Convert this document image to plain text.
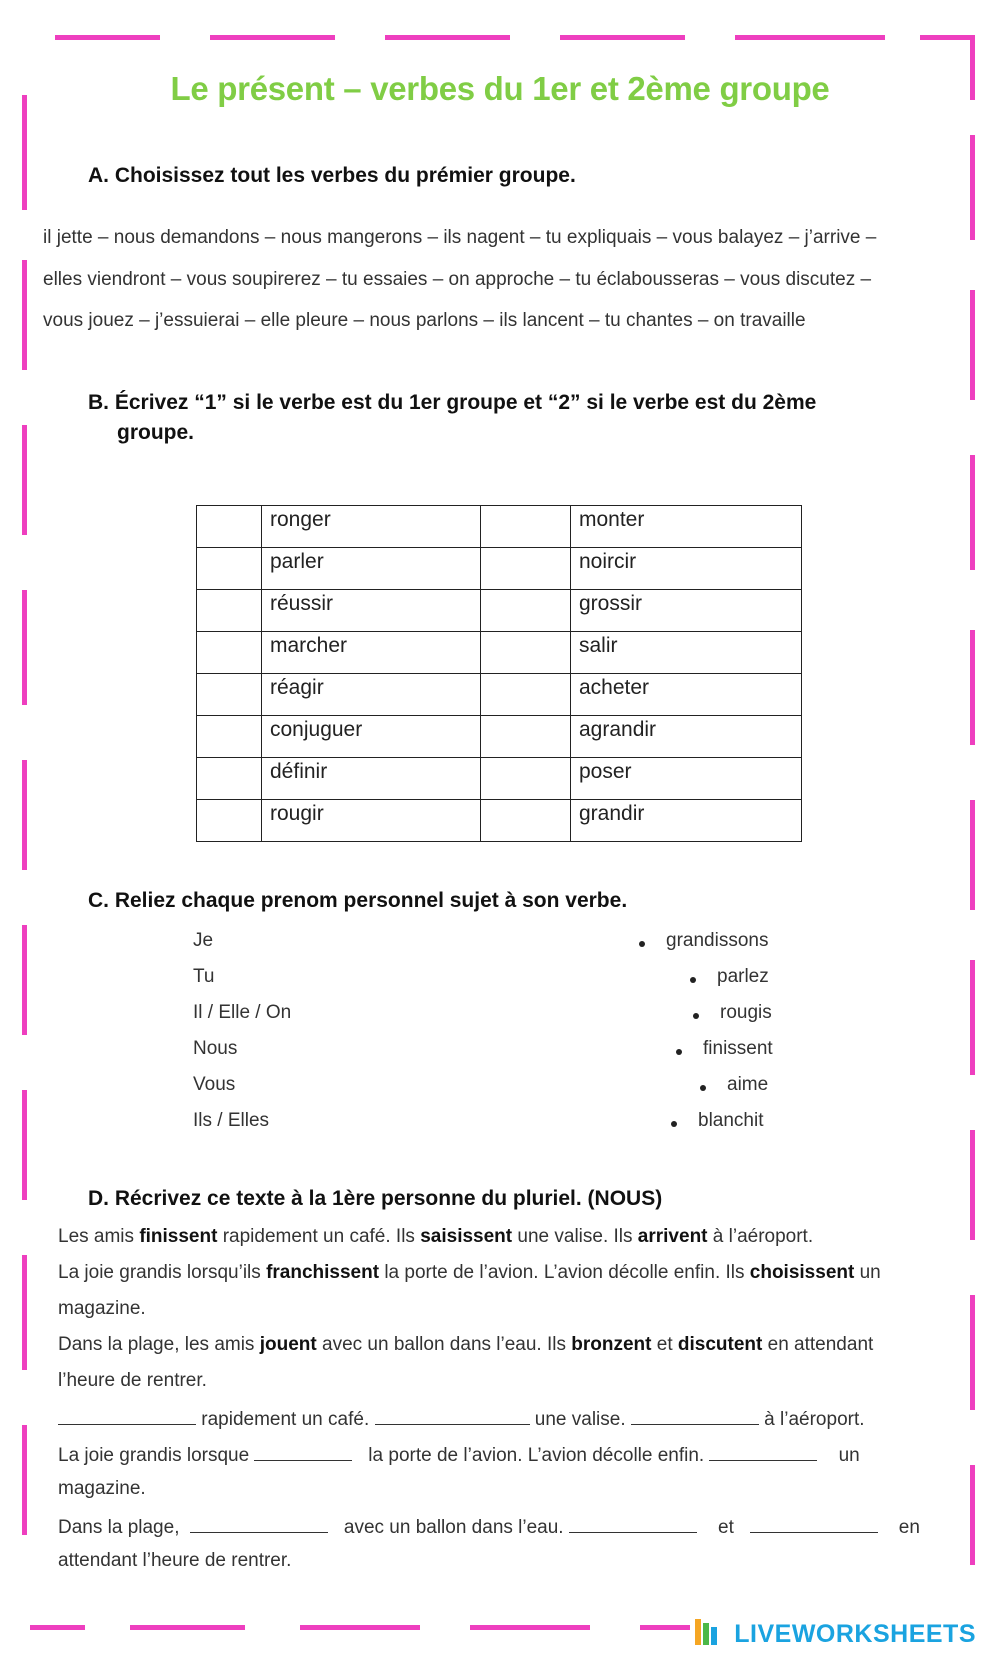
Le présent – verbes du 1er et 2ème groupe
A. Choisissez tout les verbes du prémier groupe.
il jette – nous demandons – nous mangerons – ils nagent – tu expliquais – vous balayez – j’arrive –
elles viendront – vous soupirerez – tu essaies – on approche – tu éclabousseras – vous discutez –
vous jouez – j’essuierai – elle pleure – nous parlons – ils lancent – tu chantes – on travaille
B. Écrivez “1” si le verbe est du 1er groupe et “2” si le verbe est du 2ème
groupe.
	ronger		monter
	parler		noircir
	réussir		grossir
	marcher		salir
	réagir		acheter
	conjuguer		agrandir
	définir		poser
	rougir		grandir
C. Reliez chaque prenom personnel sujet à son verbe.
Je
Tu
Il / Elle / On
Nous
Vous
Ils / Elles
grandissons
parlez
rougis
finissent
aime
blanchit
D. Récrivez ce texte à la 1ère personne du pluriel. (NOUS)
Les amis finissent rapidement un café. Ils saisissent une valise. Ils arrivent à l’aéroport.
La joie grandis lorsqu’ils franchissent la porte de l’avion. L’avion décolle enfin. Ils choisissent un
magazine.
Dans la plage, les amis jouent avec un ballon dans l’eau. Ils bronzent et discutent en attendant
l’heure de rentrer.
rapidement un café.	une valise.	à l’aéroport.
La joie grandis lorsque	la porte de l’avion. L’avion décolle enfin.	un
magazine.
Dans la plage,	avec un ballon dans l’eau.	et	en
attendant l’heure de rentrer.
LIVEWORKSHEETS
